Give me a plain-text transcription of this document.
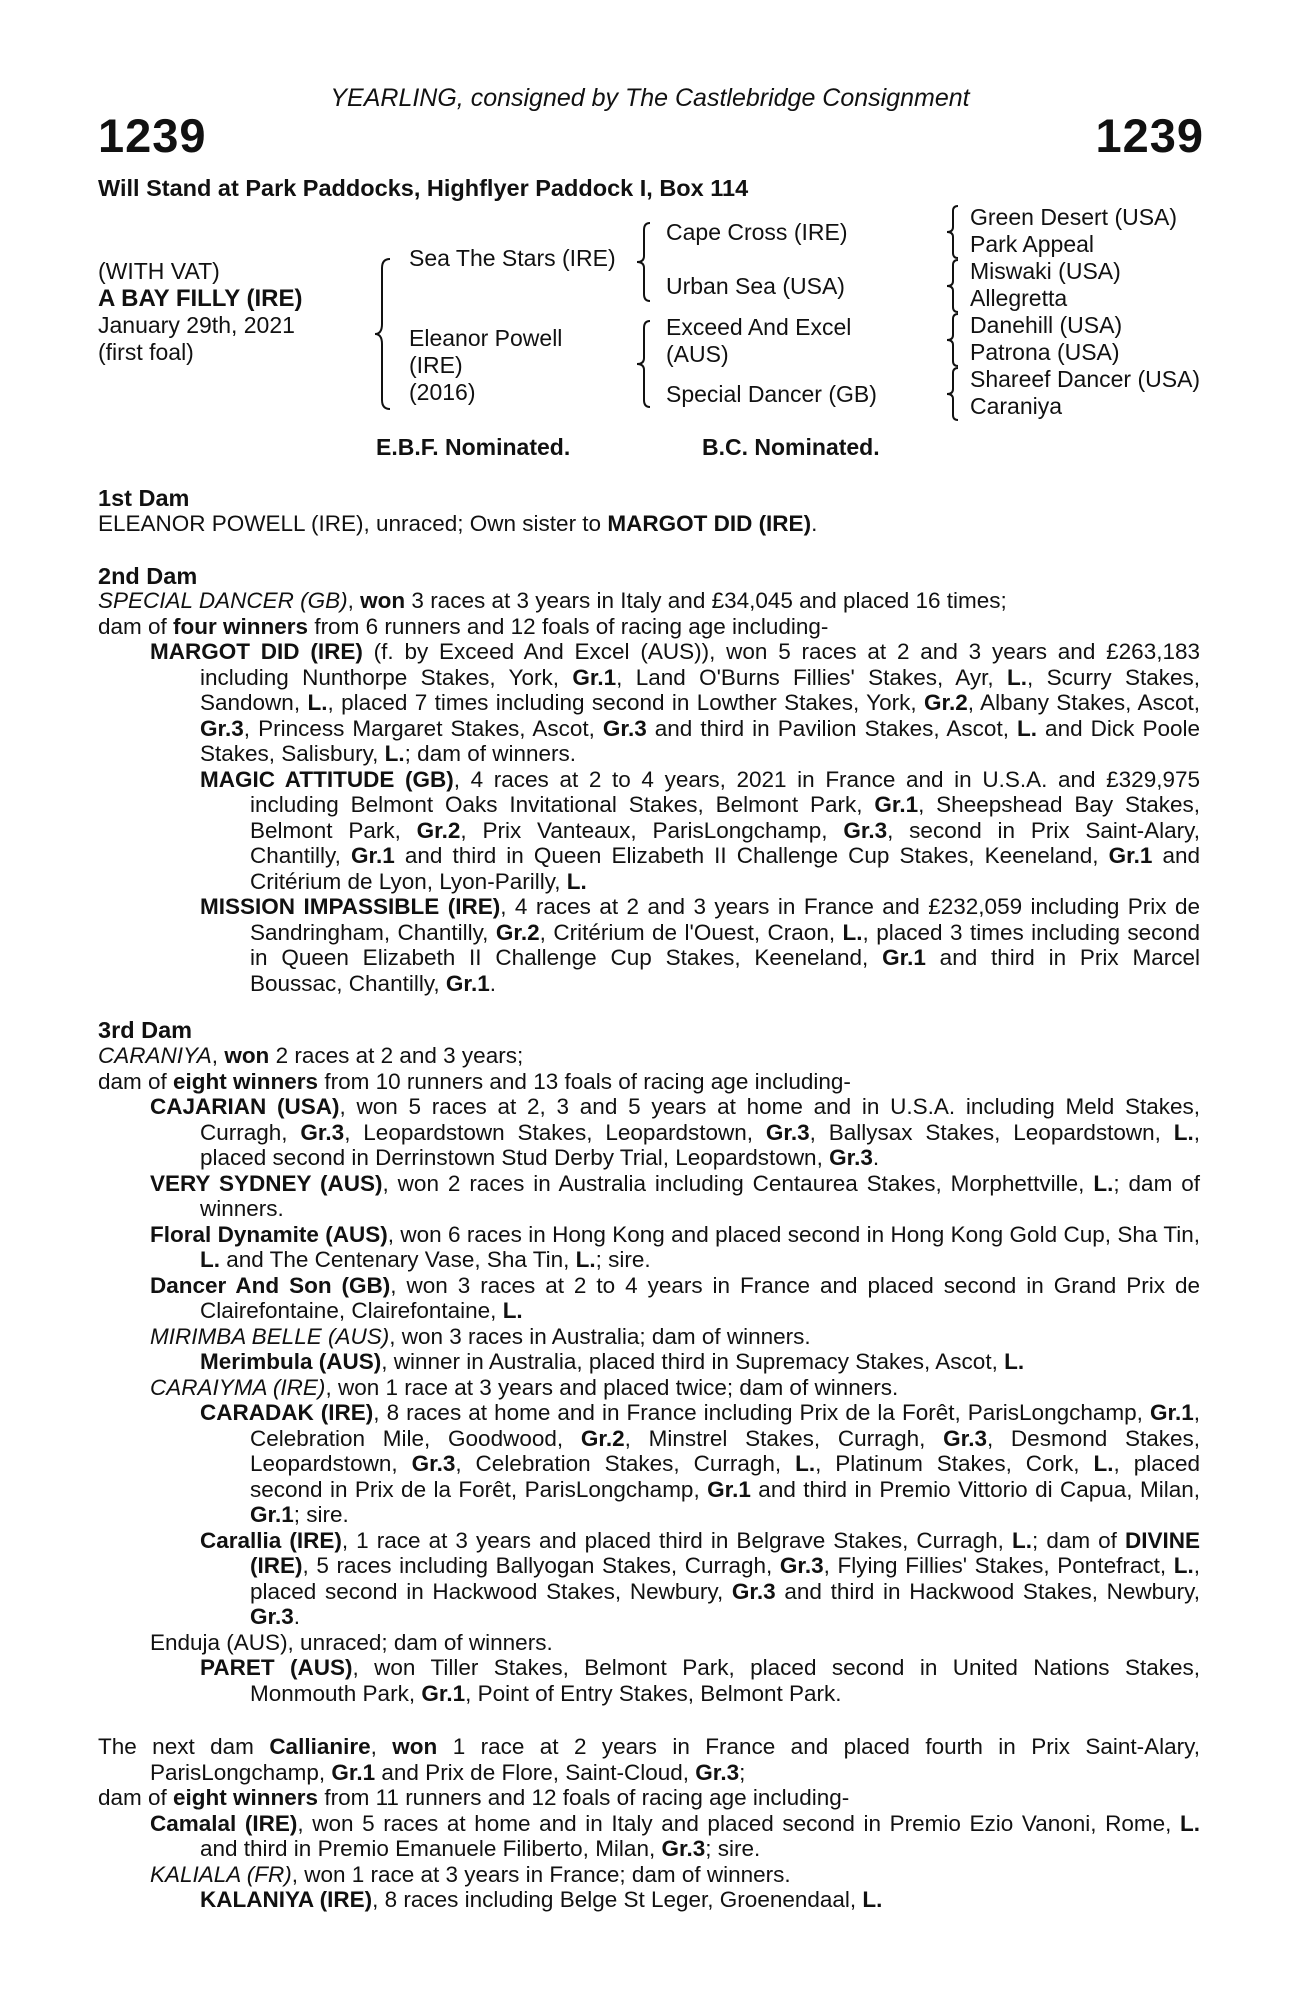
YEARLING, consigned by The Castlebridge Consignment
1239	1239
Will Stand at Park Paddocks, Highflyer Paddock I, Box 114
(WITH VAT)
A BAY FILLY (IRE)
January 29th, 2021
(first foal)
Sea The Stars (IRE)
Eleanor Powell
(IRE)
(2016)
Cape Cross (IRE)
Urban Sea (USA)
Exceed And Excel
(AUS)
Special Dancer (GB)
Green Desert (USA)
Park Appeal
Miswaki (USA)
Allegretta
Danehill (USA)
Patrona (USA)
Shareef Dancer (USA)
Caraniya
E.B.F. Nominated.	B.C. Nominated.
1st Dam
ELEANOR POWELL (IRE), unraced; Own sister to MARGOT DID (IRE).
2nd Dam
SPECIAL DANCER (GB), won 3 races at 3 years in Italy and £34,045 and placed 16 times;
dam of four winners from 6 runners and 12 foals of racing age including-
MARGOT DID (IRE) (f. by Exceed And Excel (AUS)), won 5 races at 2 and 3 years and £263,183 including Nunthorpe Stakes, York, Gr.1, Land O'Burns Fillies' Stakes, Ayr, L., Scurry Stakes, Sandown, L., placed 7 times including second in Lowther Stakes, York, Gr.2, Albany Stakes, Ascot, Gr.3, Princess Margaret Stakes, Ascot, Gr.3 and third in Pavilion Stakes, Ascot, L. and Dick Poole Stakes, Salisbury, L.; dam of winners.
MAGIC ATTITUDE (GB), 4 races at 2 to 4 years, 2021 in France and in U.S.A. and £329,975 including Belmont Oaks Invitational Stakes, Belmont Park, Gr.1, Sheepshead Bay Stakes, Belmont Park, Gr.2, Prix Vanteaux, ParisLongchamp, Gr.3, second in Prix Saint-Alary, Chantilly, Gr.1 and third in Queen Elizabeth II Challenge Cup Stakes, Keeneland, Gr.1 and Critérium de Lyon, Lyon-Parilly, L.
MISSION IMPASSIBLE (IRE), 4 races at 2 and 3 years in France and £232,059 including Prix de Sandringham, Chantilly, Gr.2, Critérium de l'Ouest, Craon, L., placed 3 times including second in Queen Elizabeth II Challenge Cup Stakes, Keeneland, Gr.1 and third in Prix Marcel Boussac, Chantilly, Gr.1.
3rd Dam
CARANIYA, won 2 races at 2 and 3 years;
dam of eight winners from 10 runners and 13 foals of racing age including-
CAJARIAN (USA), won 5 races at 2, 3 and 5 years at home and in U.S.A. including Meld Stakes, Curragh, Gr.3, Leopardstown Stakes, Leopardstown, Gr.3, Ballysax Stakes, Leopardstown, L., placed second in Derrinstown Stud Derby Trial, Leopardstown, Gr.3.
VERY SYDNEY (AUS), won 2 races in Australia including Centaurea Stakes, Morphettville, L.; dam of winners.
Floral Dynamite (AUS), won 6 races in Hong Kong and placed second in Hong Kong Gold Cup, Sha Tin, L. and The Centenary Vase, Sha Tin, L.; sire.
Dancer And Son (GB), won 3 races at 2 to 4 years in France and placed second in Grand Prix de Clairefontaine, Clairefontaine, L.
MIRIMBA BELLE (AUS), won 3 races in Australia; dam of winners.
Merimbula (AUS), winner in Australia, placed third in Supremacy Stakes, Ascot, L.
CARAIYMA (IRE), won 1 race at 3 years and placed twice; dam of winners.
CARADAK (IRE), 8 races at home and in France including Prix de la Forêt, ParisLongchamp, Gr.1, Celebration Mile, Goodwood, Gr.2, Minstrel Stakes, Curragh, Gr.3, Desmond Stakes, Leopardstown, Gr.3, Celebration Stakes, Curragh, L., Platinum Stakes, Cork, L., placed second in Prix de la Forêt, ParisLongchamp, Gr.1 and third in Premio Vittorio di Capua, Milan, Gr.1; sire.
Carallia (IRE), 1 race at 3 years and placed third in Belgrave Stakes, Curragh, L.; dam of DIVINE (IRE), 5 races including Ballyogan Stakes, Curragh, Gr.3, Flying Fillies' Stakes, Pontefract, L., placed second in Hackwood Stakes, Newbury, Gr.3 and third in Hackwood Stakes, Newbury, Gr.3.
Enduja (AUS), unraced; dam of winners.
PARET (AUS), won Tiller Stakes, Belmont Park, placed second in United Nations Stakes, Monmouth Park, Gr.1, Point of Entry Stakes, Belmont Park.
The next dam Callianire, won 1 race at 2 years in France and placed fourth in Prix Saint-Alary, ParisLongchamp, Gr.1 and Prix de Flore, Saint-Cloud, Gr.3;
dam of eight winners from 11 runners and 12 foals of racing age including-
Camalal (IRE), won 5 races at home and in Italy and placed second in Premio Ezio Vanoni, Rome, L. and third in Premio Emanuele Filiberto, Milan, Gr.3; sire.
KALIALA (FR), won 1 race at 3 years in France; dam of winners.
KALANIYA (IRE), 8 races including Belge St Leger, Groenendaal, L.
